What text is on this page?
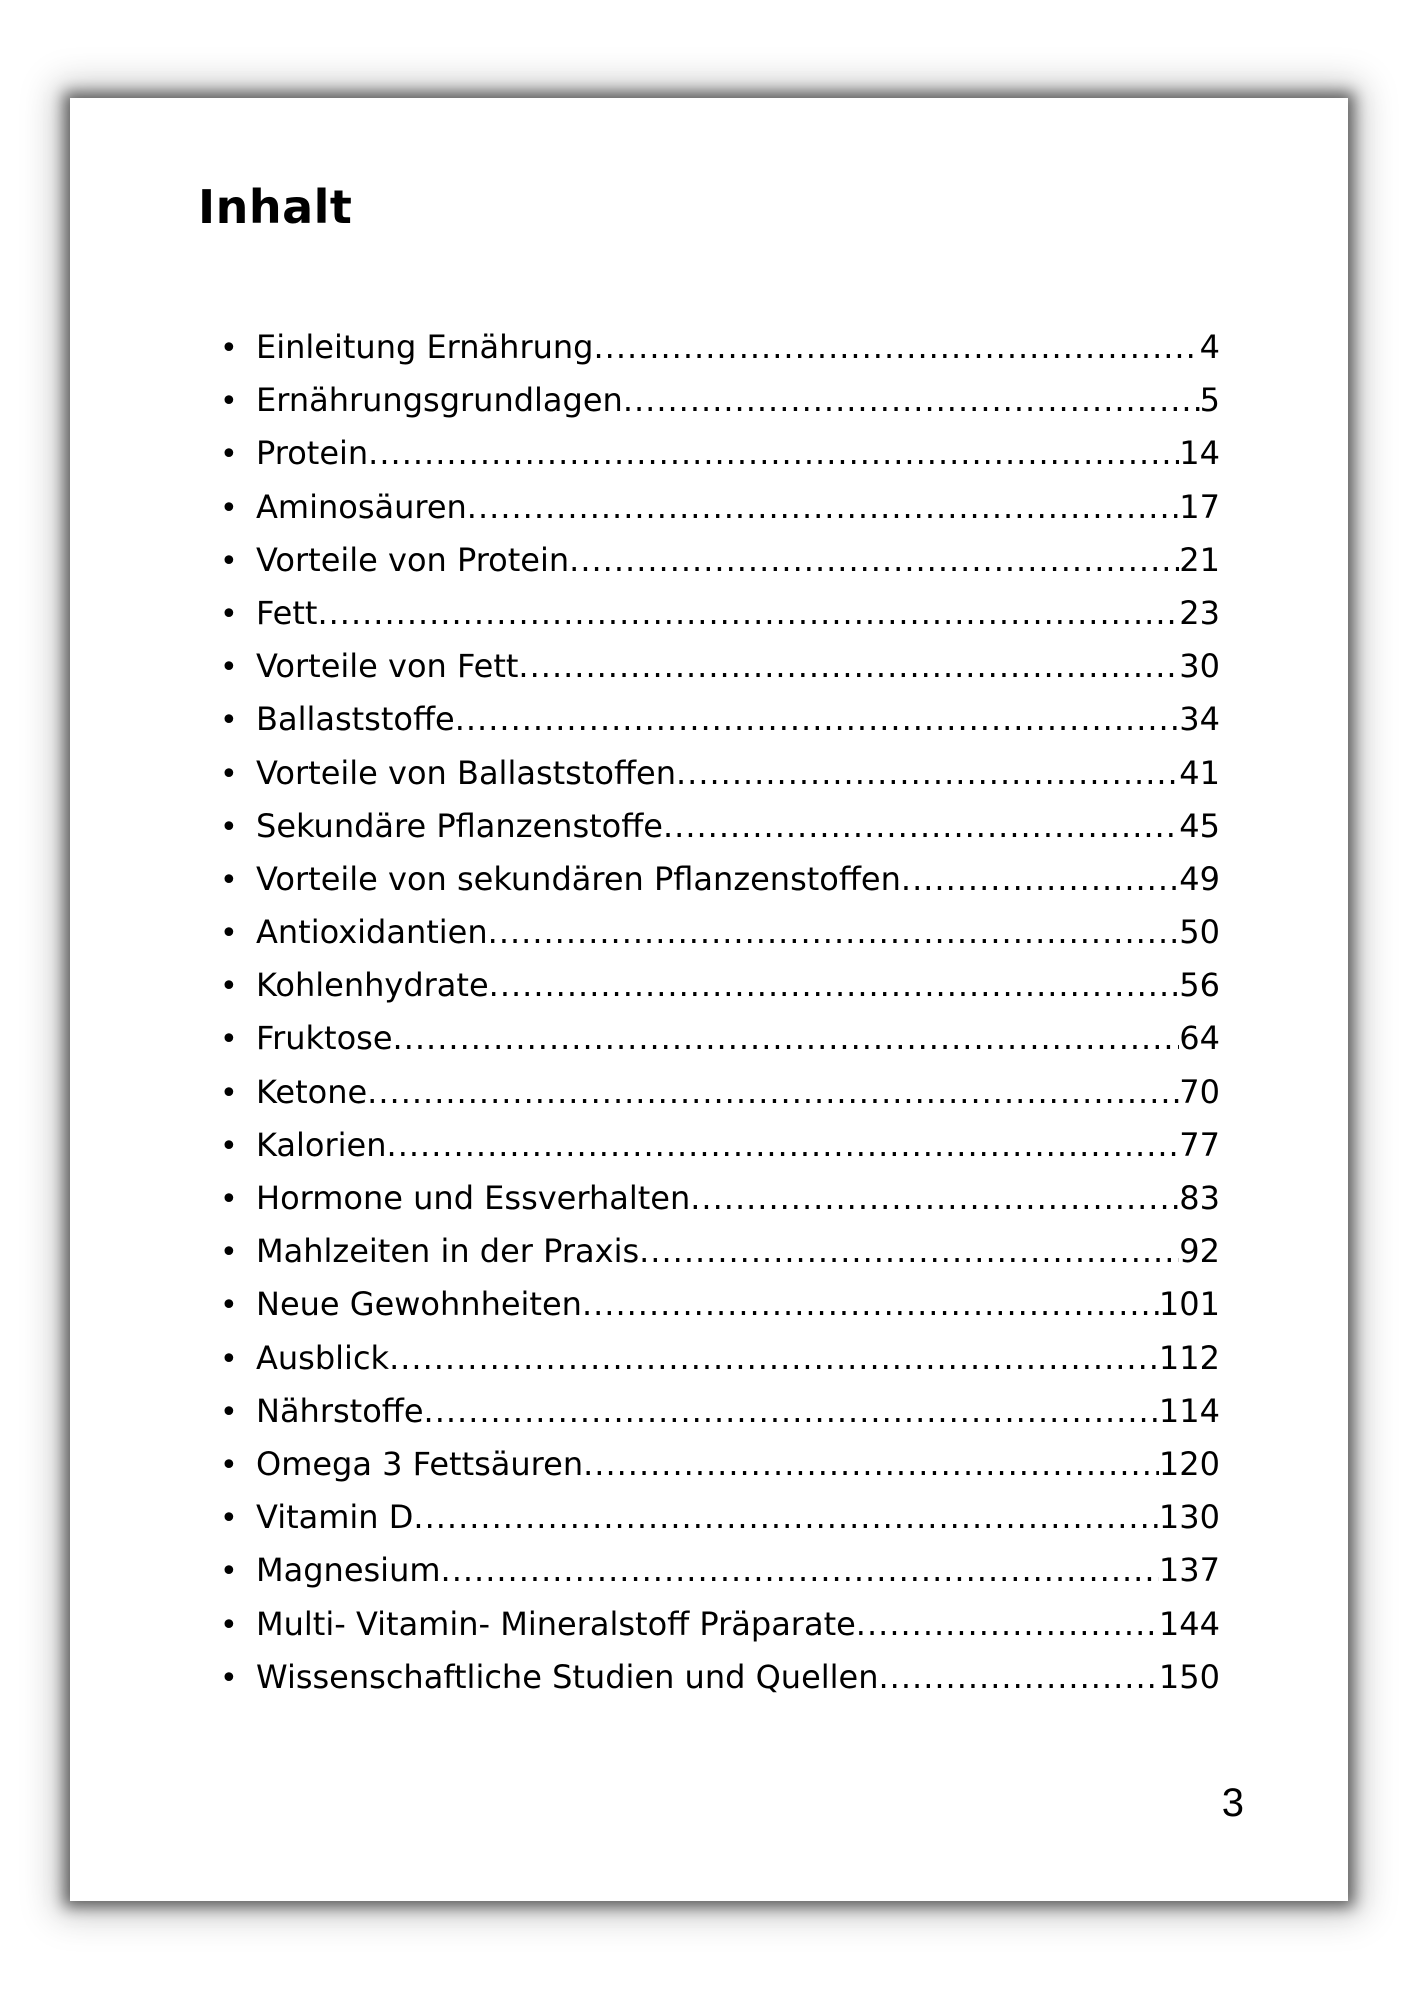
Inhalt
• Einleitung Ernährung .....	4
• Ernährungsgrundlagen .....	5
• Protein .....	14
• Aminosäuren .....	17
• Vorteile von Protein .....	21
• Fett .....	23
• Vorteile von Fett .....	30
• Ballaststoffe .....	34
• Vorteile von Ballaststoffen .....	41
• Sekundäre Pflanzenstoffe .....	45
• Vorteile von sekundären Pflanzenstoffen .....	49
• Antioxidantien .....	50
• Kohlenhydrate .....	56
• Fruktose .....	64
• Ketone .....	70
• Kalorien .....	77
• Hormone und Essverhalten .....	83
• Mahlzeiten in der Praxis .....	92
• Neue Gewohnheiten .....	101
• Ausblick .....	112
• Nährstoffe .....	114
• Omega 3 Fettsäuren .....	120
• Vitamin D .....	130
• Magnesium .....	137
• Multi- Vitamin- Mineralstoff Präparate .....	144
• Wissenschaftliche Studien und Quellen .....	150
3
